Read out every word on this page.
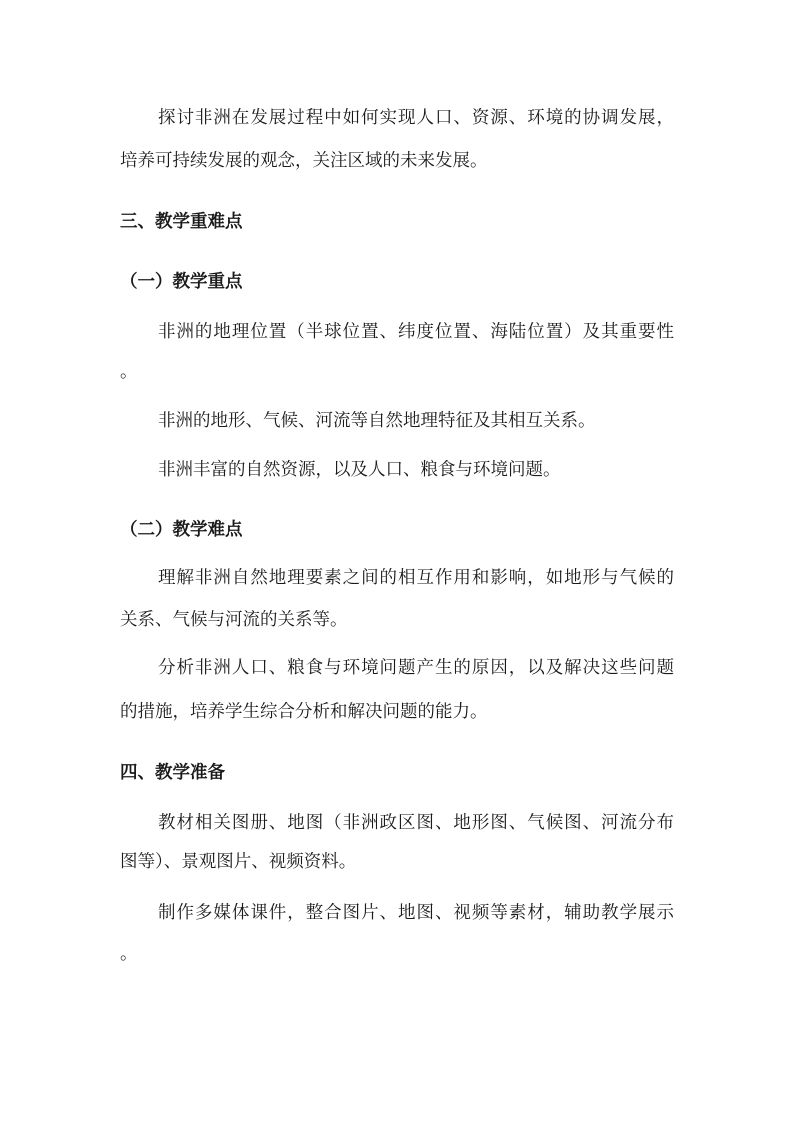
探讨非洲在发展过程中如何实现人口、资源、环境的协调发展，
培养可持续发展的观念，关注区域的未来发展。
三、教学重难点
（一）教学重点
非洲的地理位置（半球位置、纬度位置、海陆位置）及其重要性
。
非洲的地形、气候、河流等自然地理特征及其相互关系。
非洲丰富的自然资源，以及人口、粮食与环境问题。
（二）教学难点
理解非洲自然地理要素之间的相互作用和影响，如地形与气候的
关系、气候与河流的关系等。
分析非洲人口、粮食与环境问题产生的原因，以及解决这些问题
的措施，培养学生综合分析和解决问题的能力。
四、教学准备
教材相关图册、地图（非洲政区图、地形图、气候图、河流分布
图等）、景观图片、视频资料。
制作多媒体课件，整合图片、地图、视频等素材，辅助教学展示
。
